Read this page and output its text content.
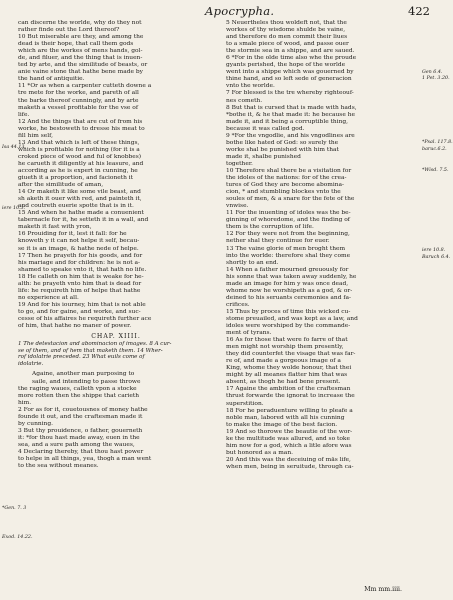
Apocrypha.	422
can discerne the worlde, why do they not
rather finde out the Lord thereof?
10 But miserable are they, and among the
dead is their hope, that call them gods
which are the workes of mens hands, gol-
de, and filuer, and the thing that is inuen-
ted by arte, and the similitude of beasts, or
anie vaine stone that hathe bene made by
the hand of antiquitie.
11 *Or as when a carpenter cutteth downe a
tre mete for the worke, and pareth of all
the barke thereof cunningly, and by arte
maketh a vessel profitable for the vse of
life.
12 And the things that are cut of from his
worke, he bestoweth to dresse his meat to
fill him self,
13 And that which is left of these things,
which is profitable for nothing (for it is a
croked piece of wood and ful of knobbes)
he carueth it diligently at his leasure, and
according as he is expert in cunning, he
giueth it a proportion, and facioneth it
after the similitude of aman,
14 Or maketh it like some vile beast, and
sh aketh it ouer with red, and painteth it,
and coutreth euerie spotte that is in it.
15 And when he hathe made a conuenient
tabernacle for it, he setteth it in a wall, and
maketh it fast with yron,
16 Prouiding for it, lest it fall: for he
knoweth y it can not helpe it self, becau-
se it is an image, & hathe nede of helpe.
17 Then he prayeth for his goods, and for
his mariage and for children: he is not a-
shamed to speake vnto it, that hath no life.
18 He calleth on him that is weake for he-
alth: he prayeth vnto him that is dead for
life: he requireth him of helpe that hathe
no experience at all.
19 And for his iourney, him that is not able
to go, and for gaine, and worke, and suc-
cesse of his affaires he requireth further ace
of him, that hathe no maner of power.
CHAP. XIIII.
1 The detestacion and abominacion of images. 8 A cur-
se of them, and of hem that maketh them. 14 Wher-
rof idolatrie preceded. 23 What euils come of
idolatrie.
Againe, another man purposing to
saile, and intending to passe throwe
the raging waues, calleth vpon a stocke
more rotten then the shippe that carieth
him.
2 For as for it, couetousnes of money hathe
founde it out, and the craftesman made it
by cunning.
3 But thy prouidence, o father, gouerneth
it: *for thou hast made away, euen in the
sea, and a sure path among the waues,
4 Declaring thereby, that thou hast power
to helpe in all things, yea, thogh a man went
to the sea without meanes.
5 Neuertheles thou woldeft not, that the
workes of thy wisdome shulde be vaine,
and therefore do men commit their liues
to a smale piece of wood, and passe ouer
the stormie sea in a shippe, and are saued.
6 *For in the olde time also whe the proude
gyants perished, the hope of the worlde
went into a shippe which was gouerned by
thine hand, and so left sede of generacion
vnto the worlde.
7 For blessed is the tre whereby righteouf-
nes cometh.
8 But that is cursed that is made with hads,
*bothe it, & he that made it: he because he
made it, and it being a corruptible thing,
because it was called god.
9 *For the vngodlie, and his vngodlines are
bothe like hated of God: so surely the
worke shal be punished with him that
made it, shalbe punished
together.
10 Therefore shal there be a visitation for
the idoles of the nations: for of the crea-
tures of God they are become abomina-
cion, * and stumbling blockes vnto the
soules of men, & a snare for the fete of the
vnwise.
11 For the inuenting of idoles was the be-
ginning of whoredome, and the finding of
them is the corruption of life.
12 For they were not from the beginning,
nether shal they continue for euer.
13 The vaine glorie of men broght them
into the worlde: therefore shal they come
shortly to an end.
14 When a father mourned greuously for
his sonne that was taken away suddenly, he
made an image for him y was once dead,
whome now he worshipeth as a god, & or-
deined to his seruants ceremonies and fa-
crifices.
15 Thus by proces of time this wicked cu-
stome preuailed, and was kept as a law, and
idoles were worshiped by the commande-
ment of tyrans.
16 As for those that were fo farre of that
men might not worship them presently,
they did counterfet the visage that was far-
re of, and made a gorgeous image of a
King, whome they wolde honour, that thei
might by all meanes flatter him that was
absent, as thogh he had bene present.
17 Againe the ambition of the craftesman
thrust forwarde the ignorat to increase the
superstition.
18 For he peraduenture willing to pleafe a
noble man, labored with all his cunning
to make the image of the best facion.
19 And so thorowe the beautie of the wor-
ke the multitude was allured, and so toke
him now for a god, which a litle afore was
but honored as a man.
20 And this was the deceiuing of mās life,
when men, being in seruitude, through ca-
Isa 44.13.
iere 10.3.
*Gen. 7. 3
Exod. 14.22.
Gen 6.4.
1 Pet. 3.20.
*Psal. 117.8.
baruc.6.2.
*Wisd. 7.5.
iere 10.8.
Baruch 6.4.
Mm mm.iiii.
